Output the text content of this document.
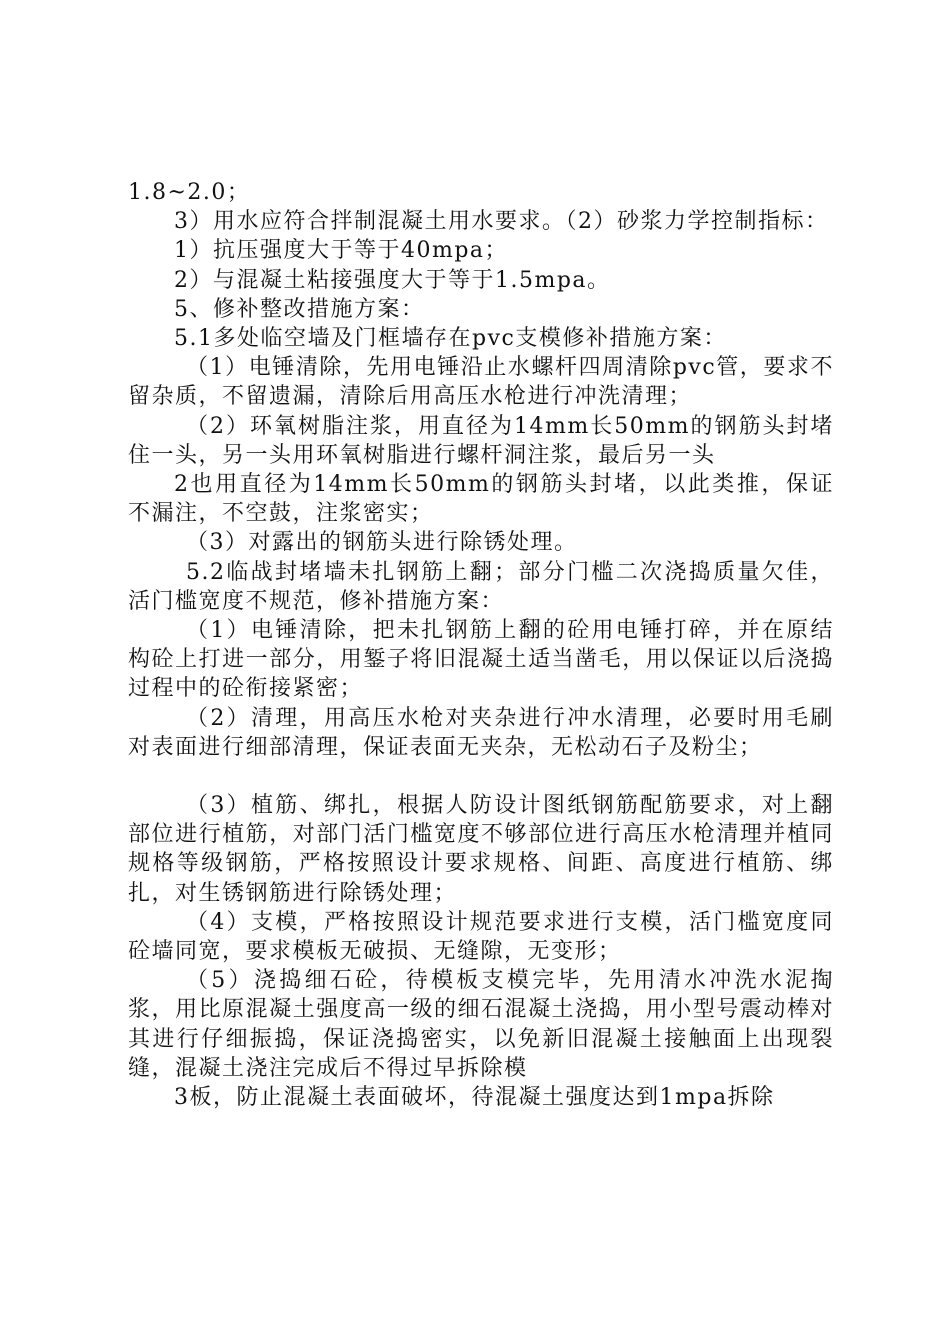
1.8~2.0；

3）用水应符合拌制混凝土用水要求。（2）砂浆力学控制指标：

1）抗压强度大于等于40mpa；

2）与混凝土粘接强度大于等于1.5mpa。

5、修补整改措施方案：

5.1多处临空墙及门框墙存在pvc支模修补措施方案：

（1）电锤清除，先用电锤沿止水螺杆四周清除pvc管，要求不留杂质，不留遗漏，清除后用高压水枪进行冲洗清理；

（2）环氧树脂注浆，用直径为14mm长50mm的钢筋头封堵住一头，另一头用环氧树脂进行螺杆洞注浆，最后另一头

2也用直径为14mm长50mm的钢筋头封堵，以此类推，保证不漏注，不空鼓，注浆密实；

（3）对露出的钢筋头进行除锈处理。

5.2临战封堵墙未扎钢筋上翻；部分门槛二次浇捣质量欠佳，活门槛宽度不规范，修补措施方案：

（1）电锤清除，把未扎钢筋上翻的砼用电锤打碎，并在原结构砼上打进一部分，用錾子将旧混凝土适当凿毛，用以保证以后浇捣过程中的砼衔接紧密；

（2）清理，用高压水枪对夹杂进行冲水清理，必要时用毛刷对表面进行细部清理，保证表面无夹杂，无松动石子及粉尘；

（3）植筋、绑扎，根据人防设计图纸钢筋配筋要求，对上翻部位进行植筋，对部门活门槛宽度不够部位进行高压水枪清理并植同规格等级钢筋，严格按照设计要求规格、间距、高度进行植筋、绑扎，对生锈钢筋进行除锈处理；

（4）支模，严格按照设计规范要求进行支模，活门槛宽度同砼墙同宽，要求模板无破损、无缝隙，无变形；

（5）浇捣细石砼，待模板支模完毕，先用清水冲洗水泥掏浆，用比原混凝土强度高一级的细石混凝土浇捣，用小型号震动棒对其进行仔细振捣，保证浇捣密实，以免新旧混凝土接触面上出现裂缝，混凝土浇注完成后不得过早拆除模

3板，防止混凝土表面破坏，待混凝土强度达到1mpa拆除
